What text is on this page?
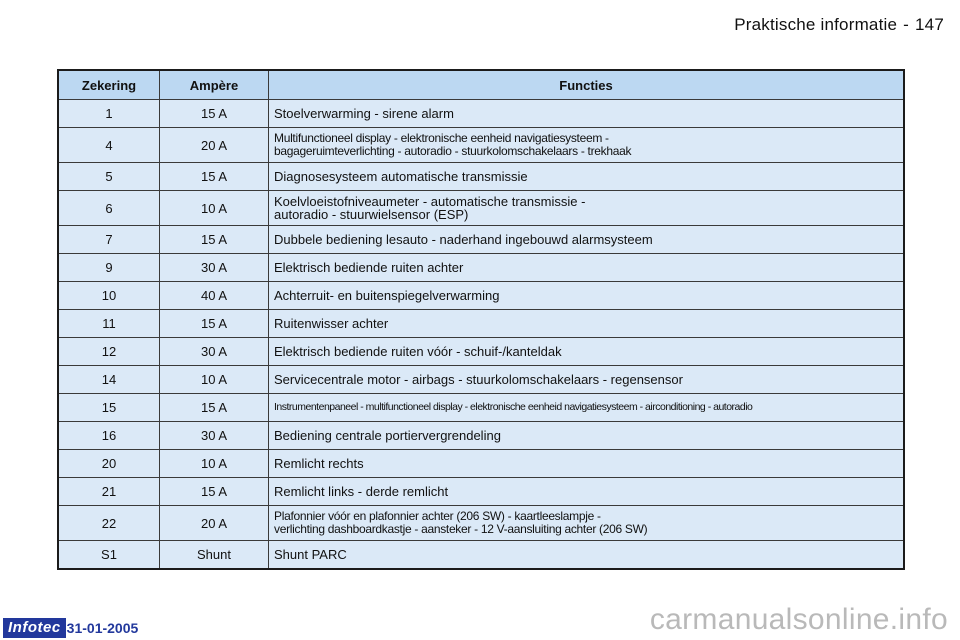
Praktische informatie - 147
Zekering	Ampère	Functies
1	15 A	Stoelverwarming - sirene alarm

4	20 A	Multifunctioneel display - elektronische eenheid navigatiesysteem -
bagageruimteverlichting - autoradio - stuurkolomschakelaars - trekhaak

5	15 A	Diagnosesysteem automatische transmissie

6	10 A	Koelvloeistofniveaumeter - automatische transmissie -
autoradio - stuurwielsensor (ESP)

7	15 A	Dubbele bediening lesauto - naderhand ingebouwd alarmsysteem

9	30 A	Elektrisch bediende ruiten achter

10	40 A	Achterruit- en buitenspiegelverwarming

11	15 A	Ruitenwisser achter

12	30 A	Elektrisch bediende ruiten vóór - schuif-/kanteldak

14	10 A	Servicecentrale motor - airbags - stuurkolomschakelaars - regensensor

15	15 A	Instrumentenpaneel - multifunctioneel display - elektronische eenheid navigatiesysteem - airconditioning - autoradio

16	30 A	Bediening centrale portiervergrendeling

20	10 A	Remlicht rechts

21	15 A	Remlicht links - derde remlicht

22	20 A	Plafonnier vóór en plafonnier achter (206 SW) - kaartleeslampje -
verlichting dashboardkastje - aansteker - 12 V-aansluiting achter (206 SW)

S1	Shunt	Shunt PARC
Infotec 31-01-2005	carmanualsonline.info
